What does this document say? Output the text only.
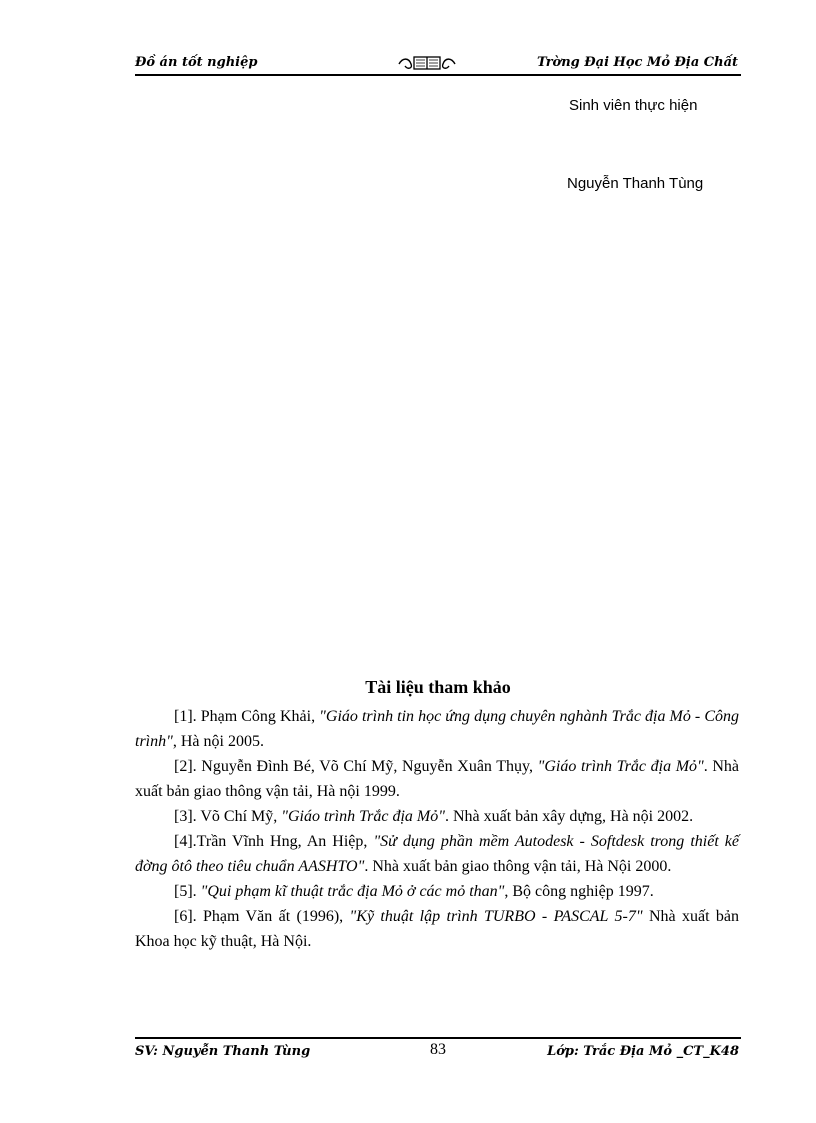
Đồ án tốt nghiệp	Trờng Đại Học Mỏ Địa Chất
Sinh viên thực hiện
Nguyễn Thanh Tùng
Tài liệu tham khảo
[1]. Phạm Công Khải, "Giáo trình tin học ứng dụng chuyên nghành Trắc địa Mỏ - Công trình", Hà nội 2005.
[2]. Nguyễn Đình Bé, Võ Chí Mỹ, Nguyễn Xuân Thụy, "Giáo trình Trắc địa Mỏ". Nhà xuất bản giao thông vận tải, Hà nội 1999.
[3]. Võ Chí Mỹ, "Giáo trình Trắc địa Mỏ". Nhà xuất bản xây dựng, Hà nội 2002.
[4].Trần Vĩnh Hng, An Hiệp, "Sử dụng phần mềm Autodesk - Softdesk trong thiết kế đờng ôtô theo tiêu chuẩn AASHTO". Nhà xuất bản giao thông vận tải, Hà Nội 2000.
[5]. "Qui phạm kĩ thuật trắc địa Mỏ ở các mỏ than", Bộ công nghiệp 1997.
[6]. Phạm Văn ất (1996), "Kỹ thuật lập trình TURBO - PASCAL 5-7" Nhà xuất bản Khoa học kỹ thuật, Hà Nội.
SV: Nguyễn Thanh Tùng	83	Lớp: Trắc Địa Mỏ _CT_K48
